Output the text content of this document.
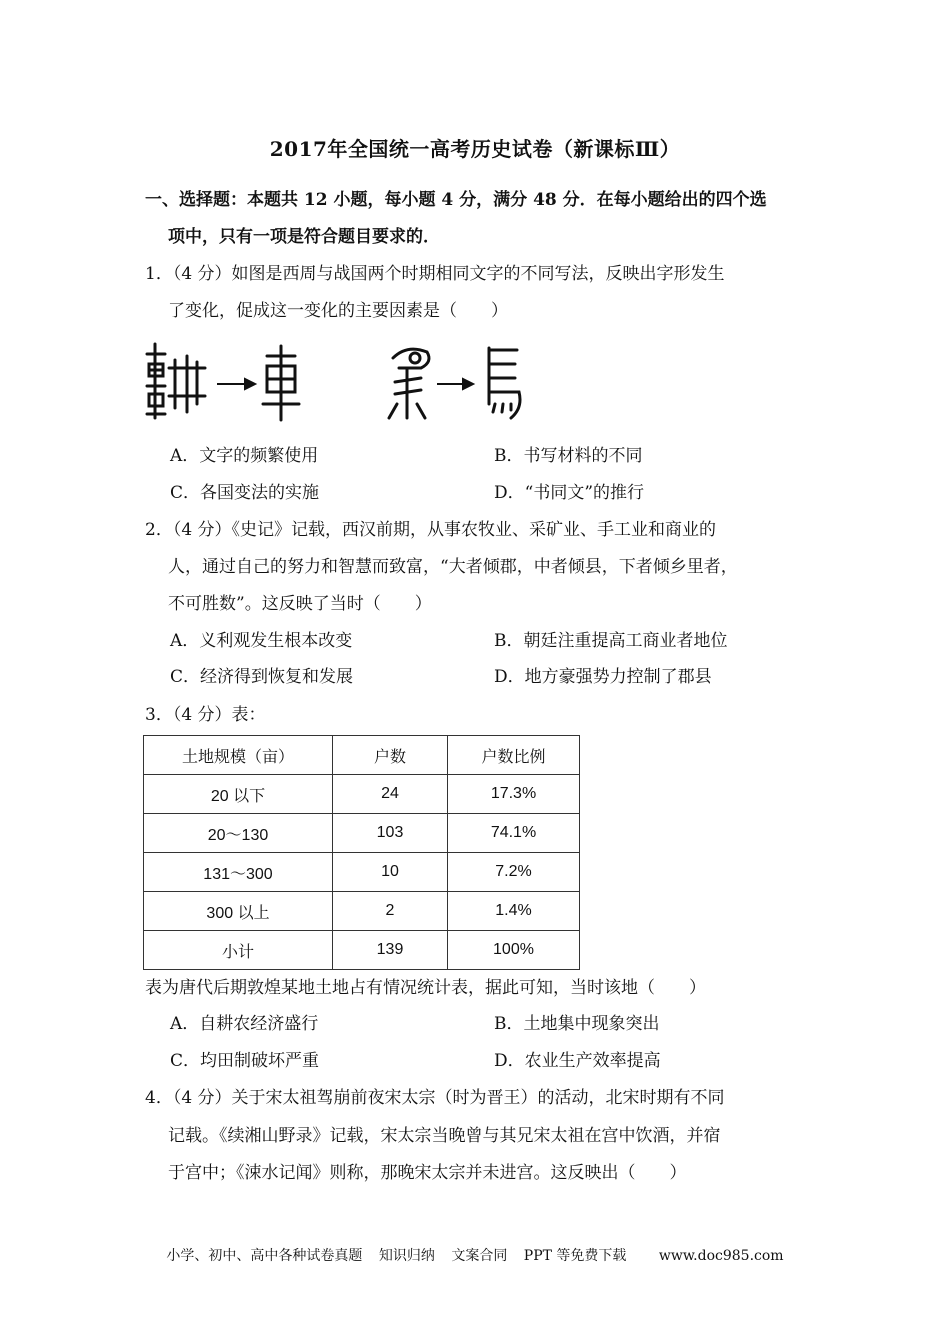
2017年全国统一高考历史试卷（新课标Ⅲ）
一、选择题：本题共 12 小题，每小题 4 分，满分 48 分．在每小题给出的四个选
项中，只有一项是符合题目要求的．
1．（4 分）如图是西周与战国两个时期相同文字的不同写法，反映出字形发生
了变化，促成这一变化的主要因素是（　　）
A．文字的频繁使用	B．书写材料的不同
C．各国变法的实施	D．“书同文”的推行
2．（4 分）《史记》记载，西汉前期，从事农牧业、采矿业、手工业和商业的
人，通过自己的努力和智慧而致富，“大者倾郡，中者倾县，下者倾乡里者，
不可胜数”。这反映了当时（　　）
A．义利观发生根本改变	B．朝廷注重提高工商业者地位
C．经济得到恢复和发展	D．地方豪强势力控制了郡县
3．（4 分）表：
土地规模（亩）	户数	户数比例
20 以下	24	17.3%
20～130	103	74.1%
131～300	10	7.2%
300 以上	2	1.4%
小计	139	100%
表为唐代后期敦煌某地土地占有情况统计表，据此可知，当时该地（　　）
A．自耕农经济盛行	B．土地集中现象突出
C．均田制破坏严重	D．农业生产效率提高
4．（4 分）关于宋太祖驾崩前夜宋太宗（时为晋王）的活动，北宋时期有不同
记载。《续湘山野录》记载，宋太宗当晚曾与其兄宋太祖在宫中饮酒，并宿
于宫中；《涑水记闻》则称，那晚宋太宗并未进宫。这反映出（　　）
小学、初中、高中各种试卷真题 知识归纳 文案合同 PPT 等免费下载 www.doc985.com
